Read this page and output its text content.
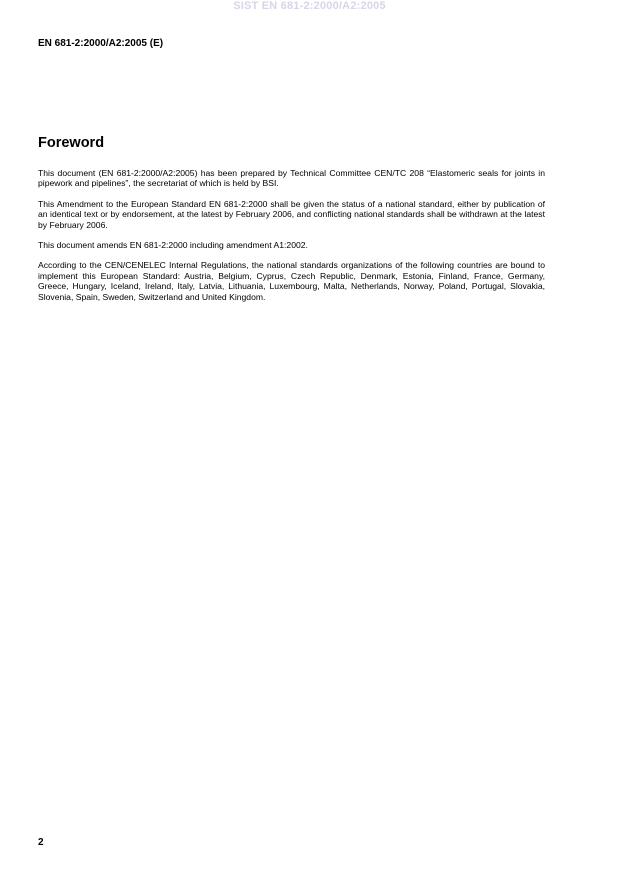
SIST EN 681-2:2000/A2:2005
EN 681-2:2000/A2:2005 (E)
Foreword

This document (EN 681-2:2000/A2:2005) has been prepared by Technical Committee CEN/TC 208 “Elastomeric seals for joints in pipework and pipelines”, the secretariat of which is held by BSI.

This Amendment to the European Standard EN 681-2:2000 shall be given the status of a national standard, either by publication of an identical text or by endorsement, at the latest by February 2006, and conflicting national standards shall be withdrawn at the latest by February 2006.

This document amends EN 681-2:2000 including amendment A1:2002.

According to the CEN/CENELEC Internal Regulations, the national standards organizations of the following countries are bound to implement this European Standard: Austria, Belgium, Cyprus, Czech Republic, Denmark, Estonia, Finland, France, Germany, Greece, Hungary, Iceland, Ireland, Italy, Latvia, Lithuania, Luxembourg, Malta, Netherlands, Norway, Poland, Portugal, Slovakia, Slovenia, Spain, Sweden, Switzerland and United Kingdom.

2
